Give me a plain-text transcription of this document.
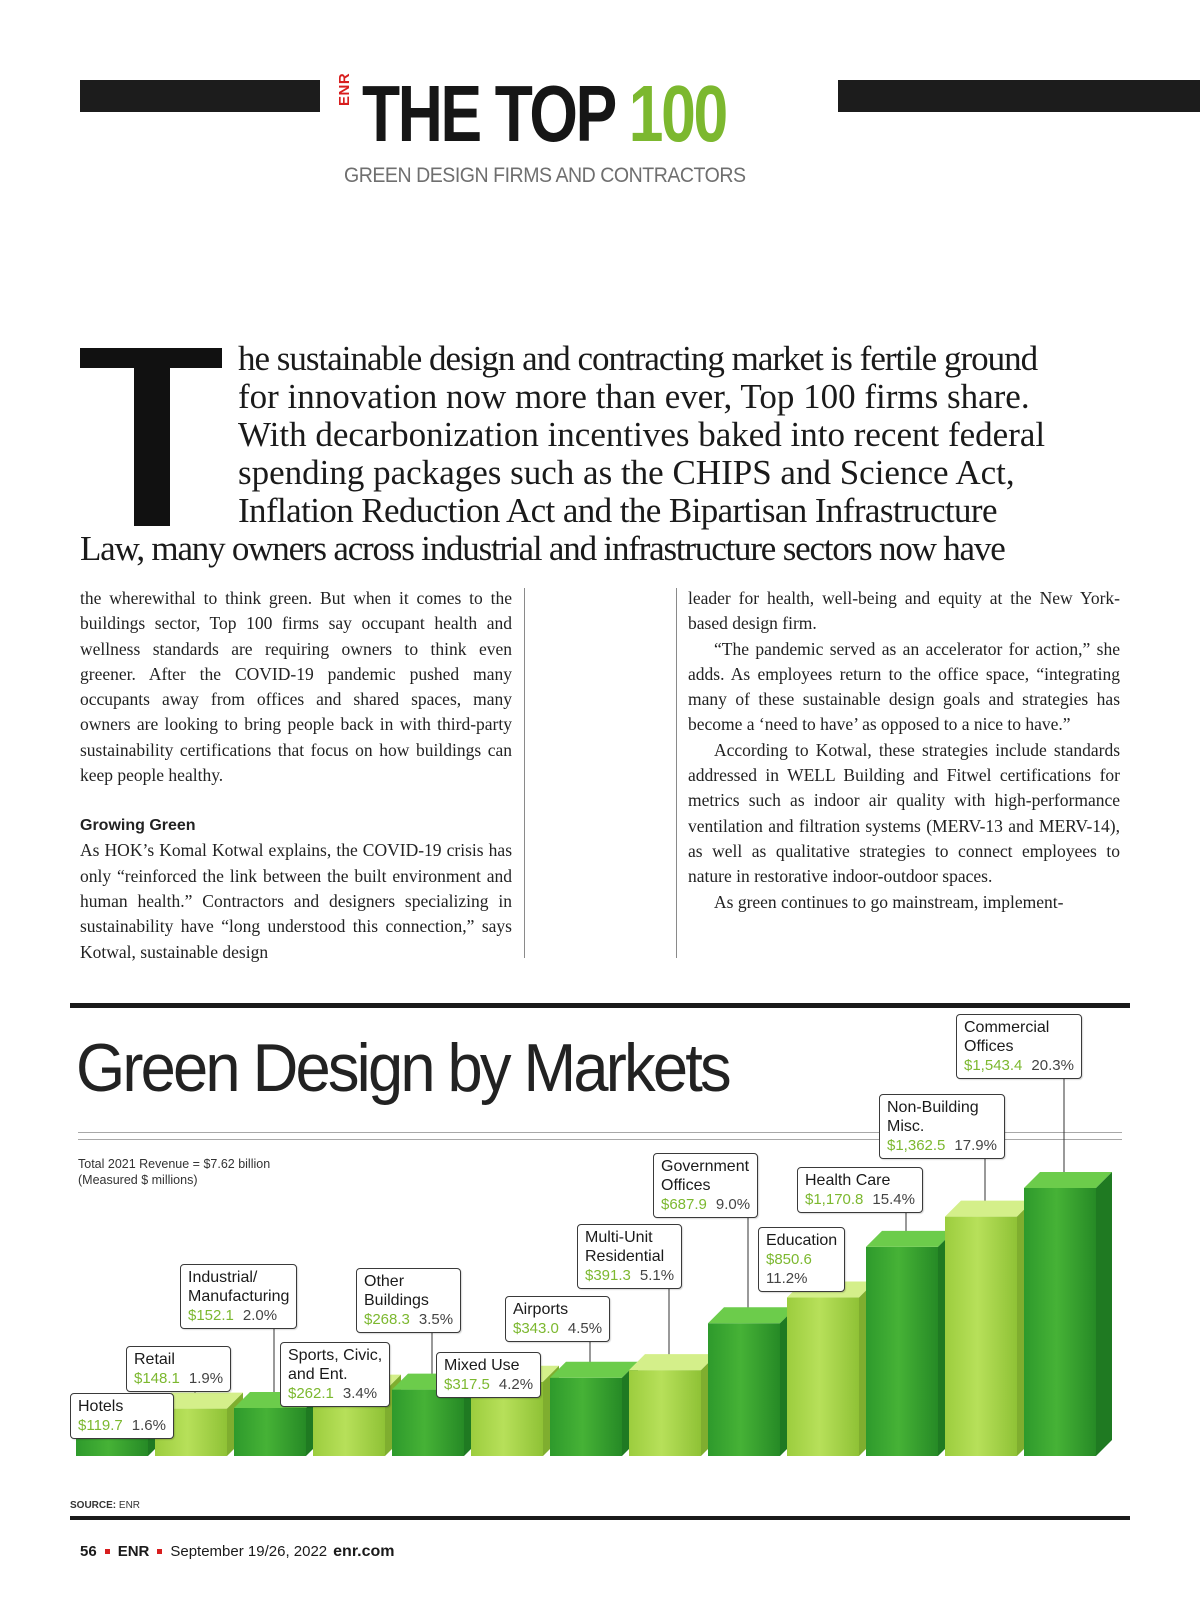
ENR THE TOP 100
GREEN DESIGN FIRMS AND CONTRACTORS
he sustainable design and contracting market is fertile ground
for innovation now more than ever, Top 100 firms share.
With decarbonization incentives baked into recent federal
spending packages such as the CHIPS and Science Act,
Inflation Reduction Act and the Bipartisan Infrastructure
Law, many owners across industrial and infrastructure sectors now have

the wherewithal to think green. But when it comes to the buildings sector, Top 100 firms say occupant health and wellness standards are requiring owners to think even greener. After the COVID-19 pandemic pushed many occupants away from offices and shared spaces, many owners are looking to bring people back in with third-party sustainability certifications that focus on how buildings can keep people healthy.

Growing Green

As HOK’s Komal Kotwal explains, the COVID-19 crisis has only “reinforced the link between the built environment and human health.” Contractors and designers specializing in sustainability have “long understood this connection,” says Kotwal, sustainable design

leader for health, well-being and equity at the New York-based design firm.

“The pandemic served as an accelerator for action,” she adds. As employees return to the office space, “integrating many of these sustainable design goals and strategies has become a ‘need to have’ as opposed to a nice to have.”

According to Kotwal, these strategies include standards addressed in WELL Building and Fitwel certifications for metrics such as indoor air quality with high-performance ventilation and filtration systems (MERV-13 and MERV-14), as well as qualitative strategies to connect employees to nature in restorative indoor-outdoor spaces.

As green continues to go mainstream, implement-

Green Design by Markets
Total 2021 Revenue = $7.62 billion
(Measured $ millions)
Hotels
$119.7 1.6%
Retail
$148.1 1.9%
Industrial/
Manufacturing
$152.1 2.0%
Sports, Civic,
and Ent.
$262.1 3.4%
Other
Buildings
$268.3 3.5%
Mixed Use
$317.5 4.2%
Airports
$343.0 4.5%
Multi-Unit
Residential
$391.3 5.1%
Government
Offices
$687.9 9.0%
Education
$850.6
11.2%
Health Care
$1,170.8 15.4%
Non-Building
Misc.
$1,362.5 17.9%
Commercial
Offices
$1,543.4 20.3%
SOURCE: ENR
56 ENR September 19/26, 2022 enr.com
